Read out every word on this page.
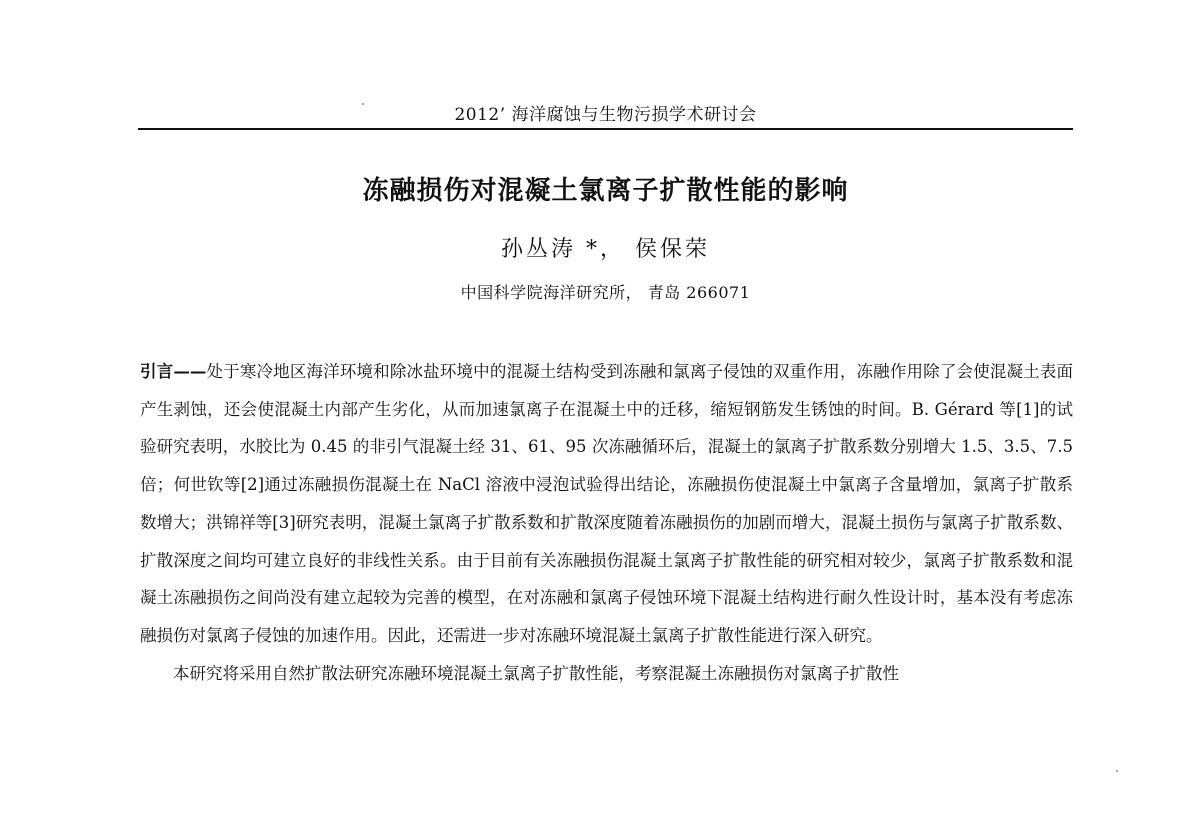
2012’ 海洋腐蚀与生物污损学术研讨会
冻融损伤对混凝土氯离子扩散性能的影响
孙丛涛 *， 侯保荣
中国科学院海洋研究所， 青岛 266071

引言——处于寒冷地区海洋环境和除冰盐环境中的混凝土结构受到冻融和氯离子侵蚀的双重作用，冻融作用除了会使混凝土表面产生剥蚀，还会使混凝土内部产生劣化，从而加速氯离子在混凝土中的迁移，缩短钢筋发生锈蚀的时间。B. Gérard 等[1]的试验研究表明，水胶比为 0.45 的非引气混凝土经 31、61、95 次冻融循环后，混凝土的氯离子扩散系数分别增大 1.5、3.5、7.5 倍；何世钦等[2]通过冻融损伤混凝土在 NaCl 溶液中浸泡试验得出结论，冻融损伤使混凝土中氯离子含量增加，氯离子扩散系数增大；洪锦祥等[3]研究表明，混凝土氯离子扩散系数和扩散深度随着冻融损伤的加剧而增大，混凝土损伤与氯离子扩散系数、扩散深度之间均可建立良好的非线性关系。由于目前有关冻融损伤混凝土氯离子扩散性能的研究相对较少，氯离子扩散系数和混凝土冻融损伤之间尚没有建立起较为完善的模型，在对冻融和氯离子侵蚀环境下混凝土结构进行耐久性设计时，基本没有考虑冻融损伤对氯离子侵蚀的加速作用。因此，还需进一步对冻融环境混凝土氯离子扩散性能进行深入研究。

本研究将采用自然扩散法研究冻融环境混凝土氯离子扩散性能，考察混凝土冻融损伤对氯离子扩散性
